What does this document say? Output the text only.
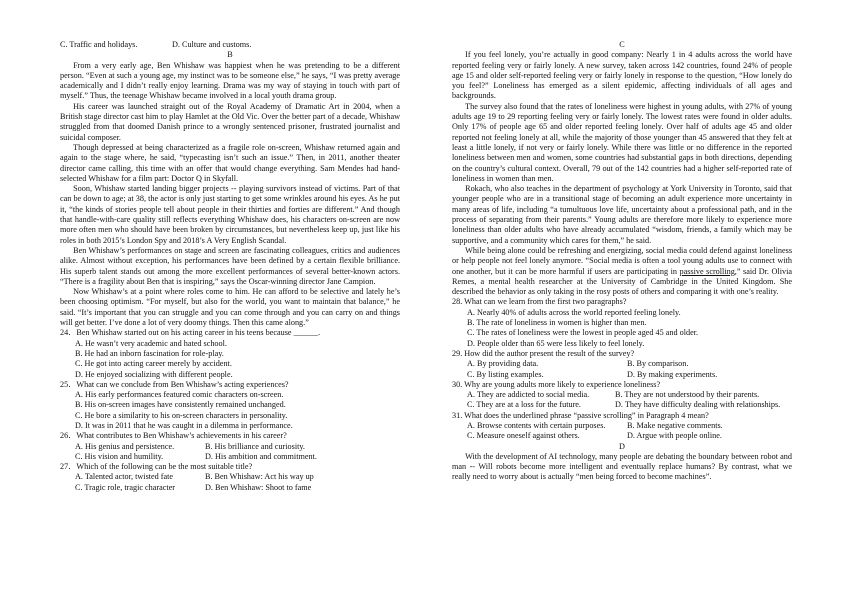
C. Traffic and holidays.	D. Culture and customs.

B

From a very early age, Ben Whishaw was happiest when he was pretending to be a different person. “Even at such a young age, my instinct was to be someone else,” he says, “I was pretty average academically and I didn’t really enjoy learning. Drama was my way of staying in touch with part of myself.” Thus, the teenage Whishaw became involved in a local youth drama group.

His career was launched straight out of the Royal Academy of Dramatic Art in 2004, when a British stage director cast him to play Hamlet at the Old Vic. Over the better part of a decade, Whishaw struggled from that doomed Danish prince to a wrongly sentenced prisoner, frustrated journalist and suicidal composer.

Though depressed at being characterized as a fragile role on-screen, Whishaw returned again and again to the stage where, he said, “typecasting isn’t such an issue.” Then, in 2011, another theater director came calling, this time with an offer that would change everything. Sam Mendes had hand-selected Whishaw for a film part: Doctor Q in Skyfall.

Soon, Whishaw started landing bigger projects -- playing survivors instead of victims. Part of that can be down to age; at 38, the actor is only just starting to get some wrinkles around his eyes. As he put it, “the kinds of stories people tell about people in their thirties and forties are different.” And though that handle-with-care quality still reflects everything Whishaw does, his characters on-screen are now more often men who should have been broken by circumstances, but nevertheless keep up, just like his roles in both 2015’s London Spy and 2018’s A Very English Scandal.

Ben Whishaw’s performances on stage and screen are fascinating colleagues, critics and audiences alike. Almost without exception, his performances have been defined by a certain flexible brilliance. His superb talent stands out among the more excellent performances of several better-known actors. “There is a fragility about Ben that is inspiring,” says the Oscar-winning director Jane Campion.

Now Whishaw’s at a point where roles come to him. He can afford to be selective and lately he’s been choosing optimism. “For myself, but also for the world, you want to maintain that balance,” he said. “It’s important that you can struggle and you can come through and you can carry on and things will get better. I’ve done a lot of very doomy things. Then this came along.”

24．Ben Whishaw started out on his acting career in his teens because ______.

A. He wasn’t very academic and hated school.

B. He had an inborn fascination for role-play.

C. He got into acting career merely by accident.

D. He enjoyed socializing with different people.

25．What can we conclude from Ben Whishaw’s acting experiences?

A. His early performances featured comic characters on-screen.

B. His on-screen images have consistently remained unchanged.

C. He bore a similarity to his on-screen characters in personality.

D. It was in 2011 that he was caught in a dilemma in performance.

26．What contributes to Ben Whishaw’s achievements in his career?

A. His genius and persistence.	B. His brilliance and curiosity.
C. His vision and humility.	D. His ambition and commitment.

27．Which of the following can be the most suitable title?

A. Talented actor, twisted fate	B. Ben Whishaw: Act his way up
C. Tragic role, tragic character	D. Ben Whishaw: Shoot to fame

C

If you feel lonely, you’re actually in good company: Nearly 1 in 4 adults across the world have reported feeling very or fairly lonely. A new survey, taken across 142 countries, found 24% of people age 15 and older self-reported feeling very or fairly lonely in response to the question, “How lonely do you feel?” Loneliness has emerged as a silent epidemic, affecting individuals of all ages and backgrounds.

The survey also found that the rates of loneliness were highest in young adults, with 27% of young adults age 19 to 29 reporting feeling very or fairly lonely. The lowest rates were found in older adults. Only 17% of people age 65 and older reported feeling lonely. Over half of adults age 45 and older reported not feeling lonely at all, while the majority of those younger than 45 answered that they felt at least a little lonely, if not very or fairly lonely. While there was little or no difference in the reported loneliness between men and women, some countries had substantial gaps in both directions, depending on the country’s cultural context. Overall, 79 out of the 142 countries had a higher self-reported rate of loneliness in women than men.

Rokach, who also teaches in the department of psychology at York University in Toronto, said that younger people who are in a transitional stage of becoming an adult experience more uncertainty in many areas of life, including “a tumultuous love life, uncertainty about a professional path, and in the process of separating from their parents.” Young adults are therefore more likely to experience more loneliness than older adults who have already accumulated “wisdom, friends, a family which may be supportive, and a community which cares for them,” he said.

While being alone could be refreshing and energizing, social media could defend against loneliness or help people not feel lonely anymore. “Social media is often a tool young adults use to connect with one another, but it can be more harmful if users are participating in passive scrolling,” said Dr. Olivia Remes, a mental health researcher at the University of Cambridge in the United Kingdom. She described the behavior as only taking in the rosy posts of others and comparing it with one’s reality.

28. What can we learn from the first two paragraphs?

A. Nearly 40% of adults across the world reported feeling lonely.

B. The rate of loneliness in women is higher than men.

C. The rates of loneliness were the lowest in people aged 45 and older.

D. People older than 65 were less likely to feel lonely.

29. How did the author present the result of the survey?

A. By providing data.	B. By comparison.
C. By listing examples.	D. By making experiments.

30. Why are young adults more likely to experience loneliness?

A. They are addicted to social media.	B. They are not understood by their parents.
C. They are at a loss for the future.	D. They have difficulty dealing with relationships.

31. What does the underlined phrase “passive scrolling” in Paragraph 4 mean?

A. Browse contents with certain purposes.	B. Make negative comments.
C. Measure oneself against others.	D. Argue with people online.

D

With the development of AI technology, many people are debating the boundary between robot and man -- Will robots become more intelligent and eventually replace humans? By contrast, what we really need to worry about is actually “men being forced to become machines”.
